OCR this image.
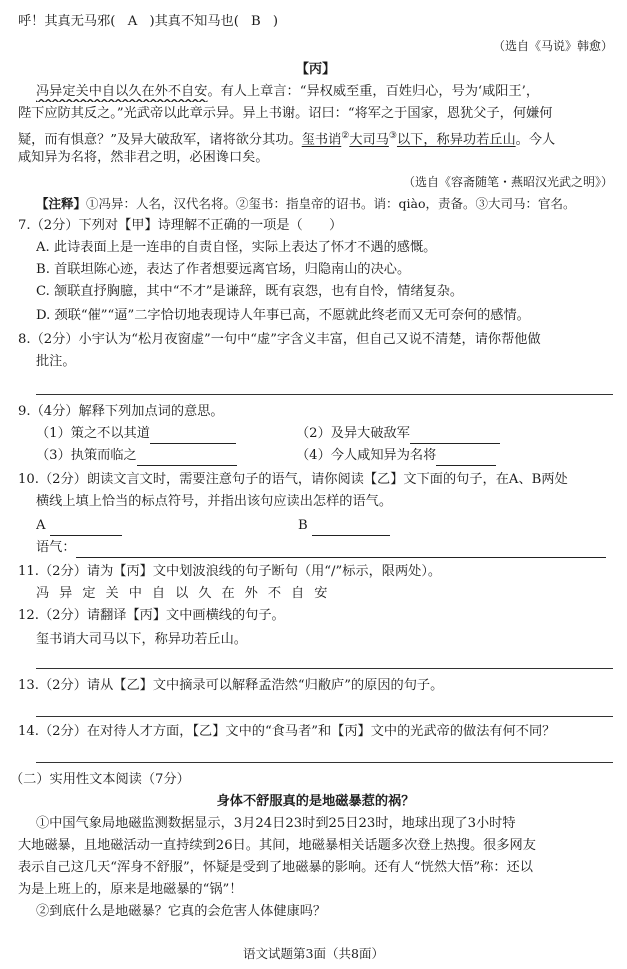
呼！其真无马邪( A )其真不知马也( B )
（选自《马说》韩愈）
【丙】
冯异定关中自以久在外不自安。有人上章言：“异权威至重，百姓归心，号为‘咸阳王’，
陛下应防其反之。”光武帝以此章示异。异上书谢。诏曰：“将军之于国家，恩犹父子，何嫌何
疑，而有惧意？”及异大破敌军，诸将欲分其功。玺书诮②大司马③以下，称异功若丘山。今人
咸知异为名将，然非君之明，必困谗口矣。
（选自《容斋随笔・燕昭汉光武之明》）
【注释】①冯异：人名，汉代名将。②玺书：指皇帝的诏书。诮：qiào，责备。③大司马：官名。
7.（2分）下列对【甲】诗理解不正确的一项是（　　）
A. 此诗表面上是一连串的自责自怪，实际上表达了怀才不遇的感慨。
B. 首联坦陈心迹，表达了作者想要远离官场，归隐南山的决心。
C. 颔联直抒胸臆，其中“不才”是谦辞，既有哀怨，也有自怜，情绪复杂。
D. 颈联“催”“逼”二字恰切地表现诗人年事已高，不愿就此终老而又无可奈何的感情。
8.（2分）小宇认为“松月夜窗虚”一句中“虚”字含义丰富，但自己又说不清楚，请你帮他做
批注。
9.（4分）解释下列加点词的意思。
（1）策之不以其道	（2）及异大破敌军
（3）执策而临之	（4）今人咸知异为名将
10.（2分）朗读文言文时，需要注意句子的语气，请你阅读【乙】文下面的句子，在A、B两处
横线上填上恰当的标点符号，并指出该句应读出怎样的语气。
A	B
语气：
11.（2分）请为【丙】文中划波浪线的句子断句（用“/”标示，限两处）。
冯异定关中自以久在外不自安
12.（2分）请翻译【丙】文中画横线的句子。
玺书诮大司马以下，称异功若丘山。
13.（2分）请从【乙】文中摘录可以解释孟浩然“归敝庐”的原因的句子。
14.（2分）在对待人才方面，【乙】文中的“食马者”和【丙】文中的光武帝的做法有何不同？
（二）实用性文本阅读（7分）
身体不舒服真的是地磁暴惹的祸？
①中国气象局地磁监测数据显示，3月24日23时到25日23时，地球出现了3小时特
大地磁暴，且地磁活动一直持续到26日。其间，地磁暴相关话题多次登上热搜。很多网友
表示自己这几天“浑身不舒服”，怀疑是受到了地磁暴的影响。还有人“恍然大悟”称：还以
为是上班上的，原来是地磁暴的“锅”！
②到底什么是地磁暴？它真的会危害人体健康吗？
语文试题第3面（共8面）
